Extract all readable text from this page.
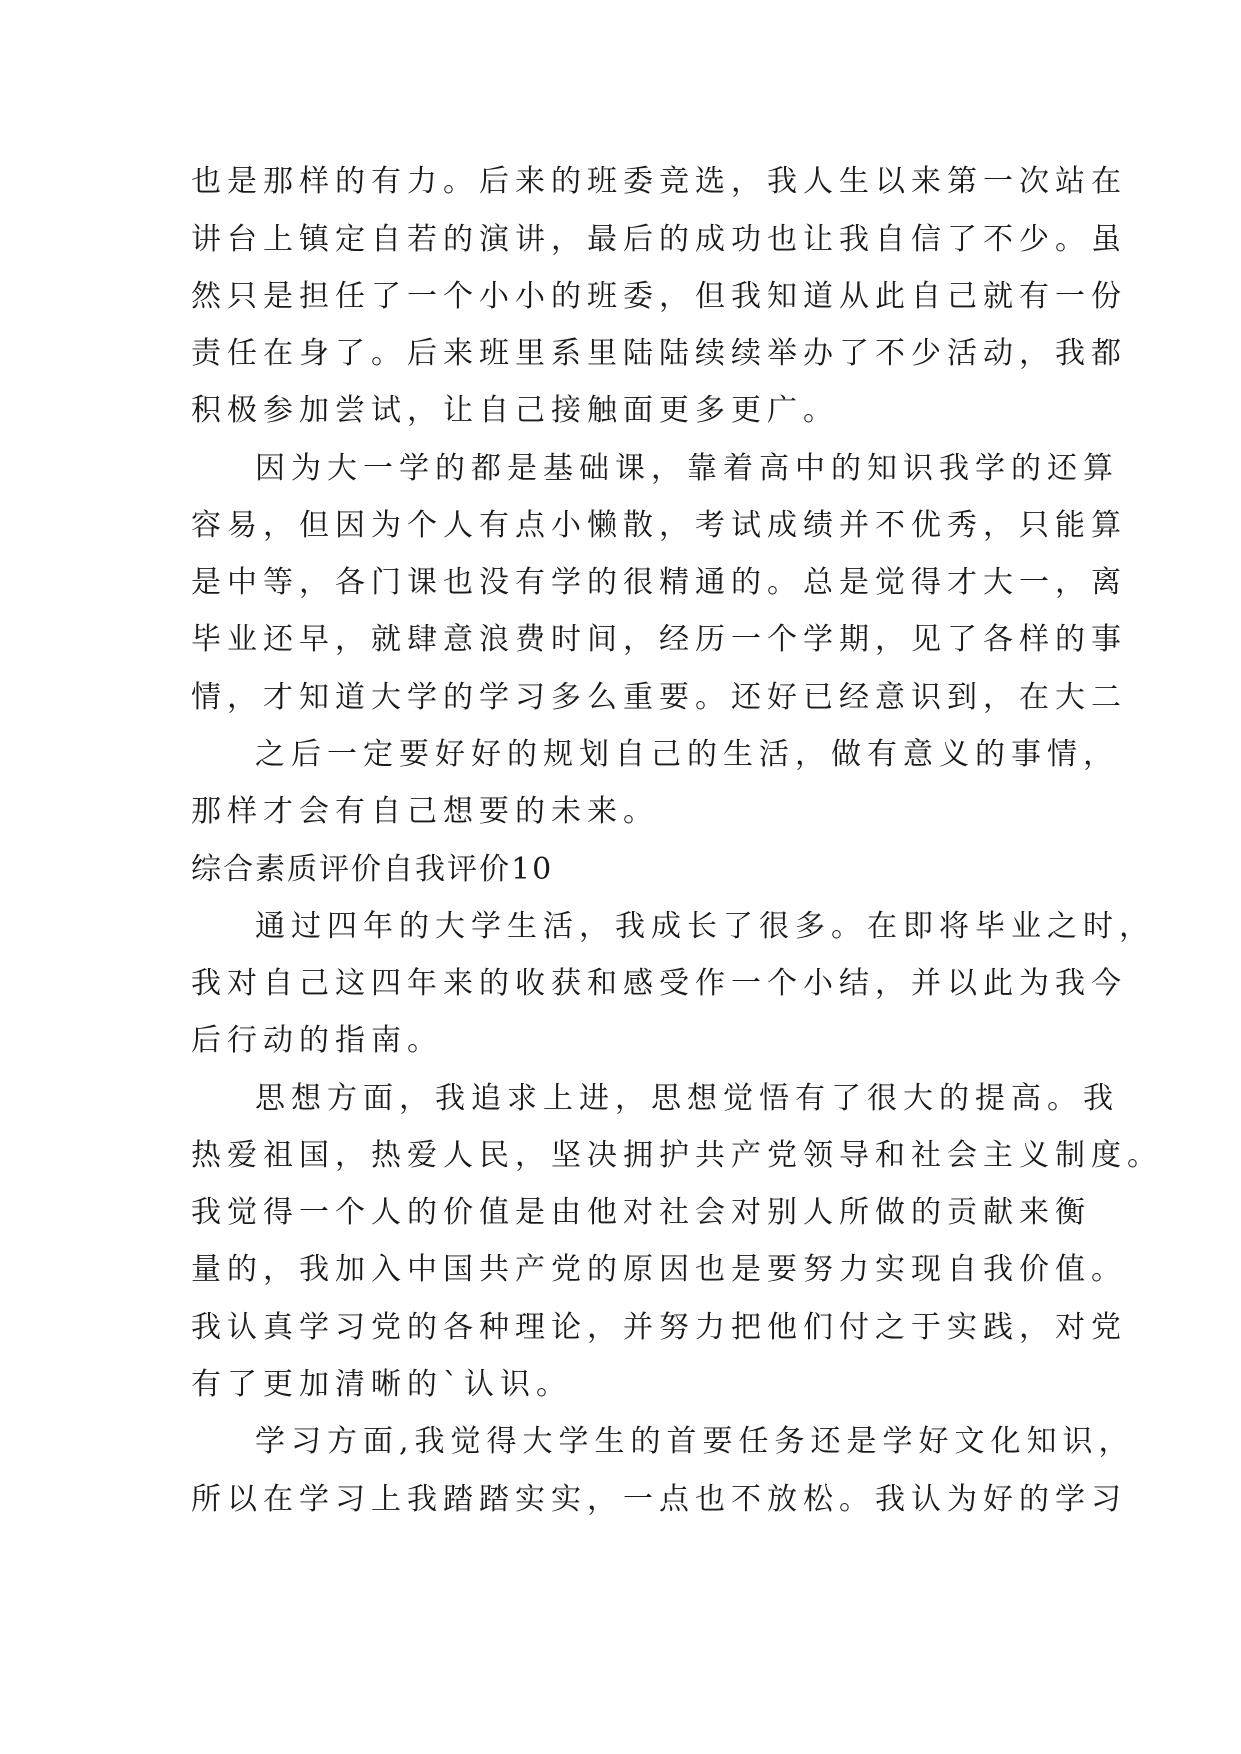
也是那样的有力。后来的班委竞选，我人生以来第一次站在

讲台上镇定自若的演讲，最后的成功也让我自信了不少。虽

然只是担任了一个小小的班委，但我知道从此自己就有一份

责任在身了。后来班里系里陆陆续续举办了不少活动，我都

积极参加尝试，让自己接触面更多更广。

因为大一学的都是基础课，靠着高中的知识我学的还算

容易，但因为个人有点小懒散，考试成绩并不优秀，只能算

是中等，各门课也没有学的很精通的。总是觉得才大一，离

毕业还早，就肆意浪费时间，经历一个学期，见了各样的事

情，才知道大学的学习多么重要。还好已经意识到，在大二

之后一定要好好的规划自己的生活，做有意义的事情，

那样才会有自己想要的未来。

综合素质评价自我评价10

通过四年的大学生活，我成长了很多。在即将毕业之时，

我对自己这四年来的收获和感受作一个小结，并以此为我今

后行动的指南。

思想方面，我追求上进，思想觉悟有了很大的提高。我

热爱祖国，热爱人民，坚决拥护共产党领导和社会主义制度。

我觉得一个人的价值是由他对社会对别人所做的贡献来衡

量的，我加入中国共产党的原因也是要努力实现自我价值。

我认真学习党的各种理论，并努力把他们付之于实践，对党

有了更加清晰的`认识。

学习方面,我觉得大学生的首要任务还是学好文化知识，

所以在学习上我踏踏实实，一点也不放松。我认为好的学习
